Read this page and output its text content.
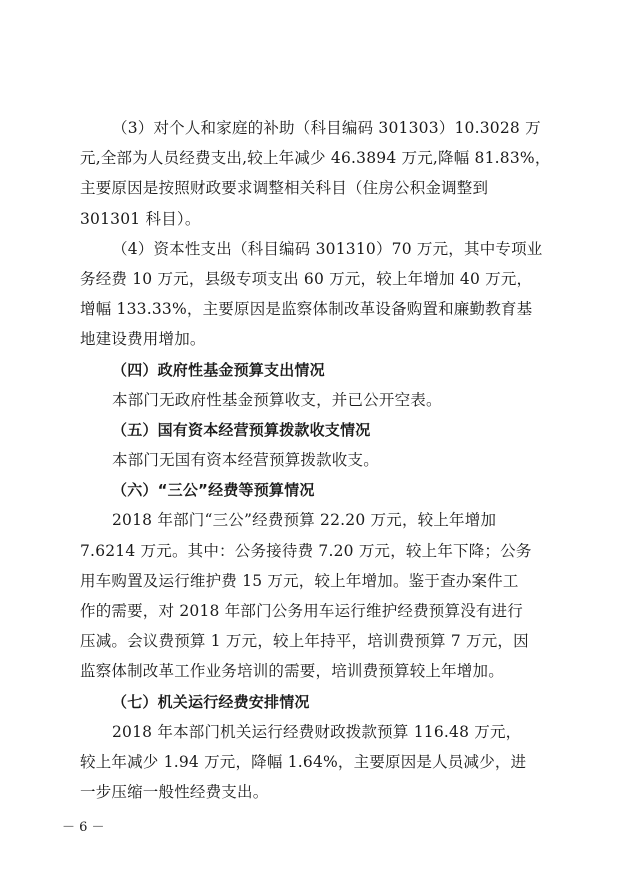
（3）对个人和家庭的补助（科目编码 301303）10.3028 万
元,全部为人员经费支出,较上年减少 46.3894 万元,降幅 81.83%，
主要原因是按照财政要求调整相关科目（住房公积金调整到
301301 科目）。
（4）资本性支出（科目编码 301310）70 万元，其中专项业
务经费 10 万元，县级专项支出 60 万元，较上年增加 40 万元，
增幅 133.33%，主要原因是监察体制改革设备购置和廉勤教育基
地建设费用增加。
（四）政府性基金预算支出情况
本部门无政府性基金预算收支，并已公开空表。
（五）国有资本经营预算拨款收支情况
本部门无国有资本经营预算拨款收支。
（六）“三公”经费等预算情况
2018 年部门“三公”经费预算 22.20 万元，较上年增加
7.6214 万元。其中：公务接待费 7.20 万元，较上年下降；公务
用车购置及运行维护费 15 万元，较上年增加。鉴于查办案件工
作的需要，对 2018 年部门公务用车运行维护经费预算没有进行
压减。会议费预算 1 万元，较上年持平，培训费预算 7 万元，因
监察体制改革工作业务培训的需要，培训费预算较上年增加。
（七）机关运行经费安排情况
2018 年本部门机关运行经费财政拨款预算 116.48 万元，
较上年减少 1.94 万元，降幅 1.64%，主要原因是人员减少，进
一步压缩一般性经费支出。
－ 6 －
